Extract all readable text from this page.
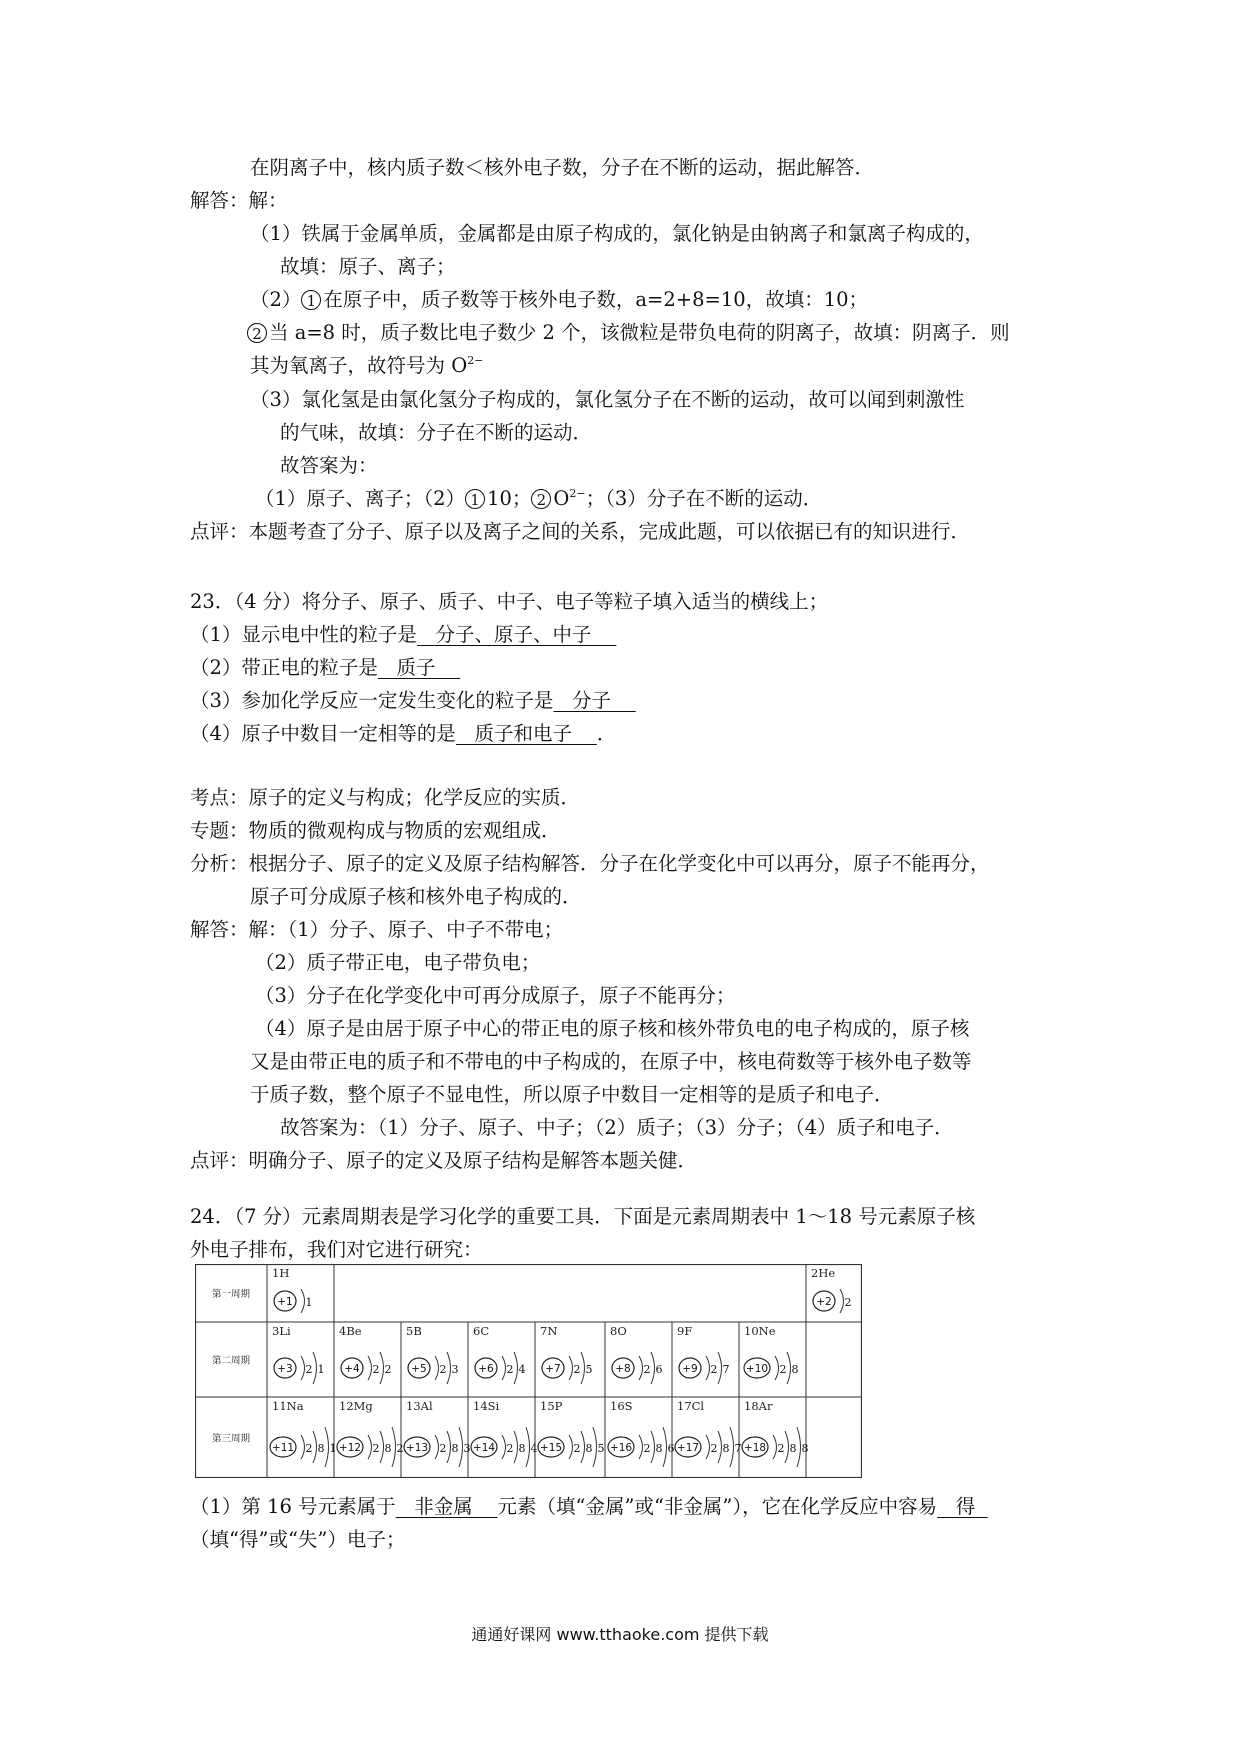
在阴离子中，核内质子数＜核外电子数，分子在不断的运动，据此解答．
解答：解：
（1）铁属于金属单质，金属都是由原子构成的，氯化钠是由钠离子和氯离子构成的，
故填：原子、离子；
（2） 1 在原子中，质子数等于核外电子数，a=2+8=10，故填：10；
2 当 a=8 时，质子数比电子数少 2 个，该微粒是带负电荷的阴离子，故填：阴离子．则
其为氧离子，故符号为 $O^{2-}$
（3）氯化氢是由氯化氢分子构成的，氯化氢分子在不断的运动，故可以闻到刺激性
的气味，故填：分子在不断的运动．
故答案为：
（1）原子、离子；（2） 1 10； 2 $O^{2-}$；（3）分子在不断的运动．
点评：本题考查了分子、原子以及离子之间的关系，完成此题，可以依据已有的知识进行．
23．（4 分）将分子、原子、质子、中子、电子等粒子填入适当的横线上；
（1）显示电中性的粒子是   分子、原子、中子
（2）带正电的粒子是   质子
（3）参加化学反应一定发生变化的粒子是   分子
（4）原子中数目一定相等的是   质子和电子    ．
考点：原子的定义与构成；化学反应的实质．
专题：物质的微观构成与物质的宏观组成．
分析：根据分子、原子的定义及原子结构解答．分子在化学变化中可以再分，原子不能再分，
原子可分成原子核和核外电子构成的．
解答：解：（1）分子、原子、中子不带电；
（2）质子带正电，电子带负电；
（3）分子在化学变化中可再分成原子，原子不能再分；
（4）原子是由居于原子中心的带正电的原子核和核外带负电的电子构成的，原子核
又是由带正电的质子和不带电的中子构成的，在原子中，核电荷数等于核外电子数等
于质子数，整个原子不显电性，所以原子中数目一定相等的是质子和电子．
故答案为：（1）分子、原子、中子；（2）质子；（3）分子；（4）质子和电子．
点评：明确分子、原子的定义及原子结构是解答本题关健．
24．（7 分）元素周期表是学习化学的重要工具．下面是元素周期表中 1～18 号元素原子核
外电子排布，我们对它进行研究：
第一周期
第二周期
第三周期
1H
+1 1
2He
+2 2
3Li
+3 2 1
4Be
+4 2 2
5B
+5 2 3
6C
+6 2 4
7N
+7 2 5
8O
+8 2 6
9F
+9 2 7
10Ne
+10 2 8
11Na
+11 2 8 1
12Mg
+12 2 8 2
13Al
+13 2 8 3
14Si
+14 2 8 4
15P
+15 2 8 5
16S
+16 2 8 6
17Cl
+17 2 8 7
18Ar
+18 2 8 8
（1）第 16 号元素属于   非金属    元素（填“金属”或“非金属”），它在化学反应中容易   得
（填“得”或“失”）电子；
通通好课网 www.tthaoke.com 提供下载
